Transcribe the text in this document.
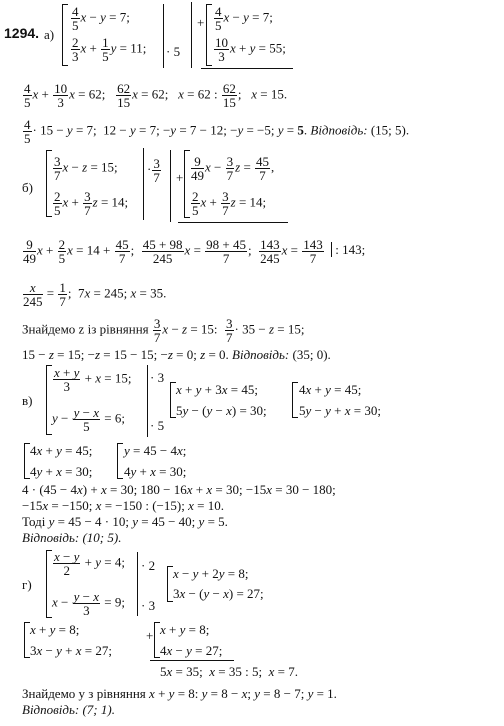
1294. а)
$\frac{4}{5}$ x − y = 7;
$\frac{2}{3}$ $x + \frac{1}{5}$ y = 11; · 5
+ $\frac{4}{5}$ x − y = 7;
$\frac{10}{3}$ x + y = 55;
$\frac{4}{5}$ $x + \frac{10}{3}$ x = 62; $\frac{62}{15}$ x = 62;   x = 62 : $\frac{62}{15}$ ;   x = 15.
$\frac{4}{5} \cdot 15 - y = 7$;  12 − y = 7; −y = 7 − 12; −y = −5; y = 5. Відповідь: (15; 5).
б)
$\frac{3}{7}$ x − z = 15;
$\frac{2}{5}$ $x + \frac{3}{7}$ z = 14;
· $\frac{3}{7} + \frac{9}{49}$ $x - \frac{3}{7}$ $z = \frac{45}{7}$ ,
$\frac{2}{5}$ $x + \frac{3}{7}$ z = 14;
$\frac{9}{49}$ $x + \frac{2}{5}$ $x = 14 + \frac{45}{7}$ ; $\frac{45 + 98}{245}$ $x = \frac{98 + 45}{7}$ ; $\frac{143}{245}$ $x = \frac{143}{7}$ : 143;
$\frac{x}{245} = \frac{1}{7}$ ;  7x = 245; x = 35.
Знайдемо z із рівняння $\frac{3}{7}$ x − z = 15: $\frac{3}{7} \cdot 35 - z = 15$;
15 − z = 15; −z = 15 − 15; −z = 0; z = 0. Відповідь: (35; 0).
в)
$\frac{x + y}{3} + x = 15$;
$y - \frac{y - x}{5} = 6$;
· 3
· 5
x + y + 3x = 45;
5y − (y − x) = 30;
4x + y = 45;
5y − y + x = 30;
4x + y = 45;
4y + x = 30;
y = 45 − 4x;
4y + x = 30;
4 · (45 − 4x) + x = 30; 180 − 16x + x = 30; −15x = 30 − 180;
−15x = −150; x = −150 : (−15); x = 10.
Тоді y = 45 − 4 · 10; y = 45 − 40; y = 5.
Відповідь: (10; 5).
г)
$\frac{x - y}{2} + y = 4$;
$x - \frac{y - x}{3} = 9$;
· 2
· 3
x − y + 2y = 8;
3x − (y − x) = 27;
x + y = 8;
3x − y + x = 27;
+ x + y = 8;
4x − y = 27;
5x = 35;  x = 35 : 5;  x = 7.
Знайдемо y з рівняння x + y = 8: y = 8 − x; y = 8 − 7; y = 1.
Відповідь: (7; 1).
